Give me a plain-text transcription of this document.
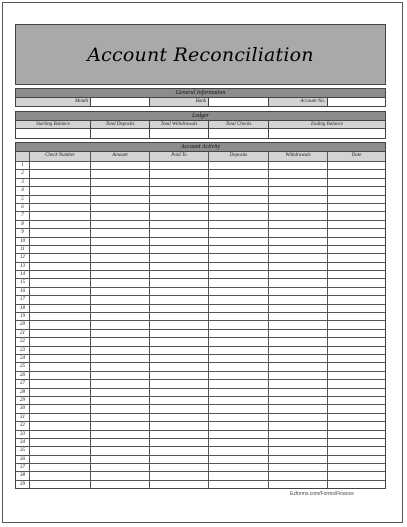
Account Reconciliation
General Information
Month	Bank	Account No.
Ledger
Starting Balance	Total Deposits	Total Withdrawals	Total Checks	Ending Balance
Account Activity
Check Number	Amount	Paid To	Deposits	Withdrawals	Date
1
2
3
4
5
6
7
8
9
10
11
12
13
14
15
16
17
18
19
20
21
22
23
24
25
26
27
28
29
30
31
32
33
34
35
36
37
38
39
Ezforms.com/Forms/Finance
